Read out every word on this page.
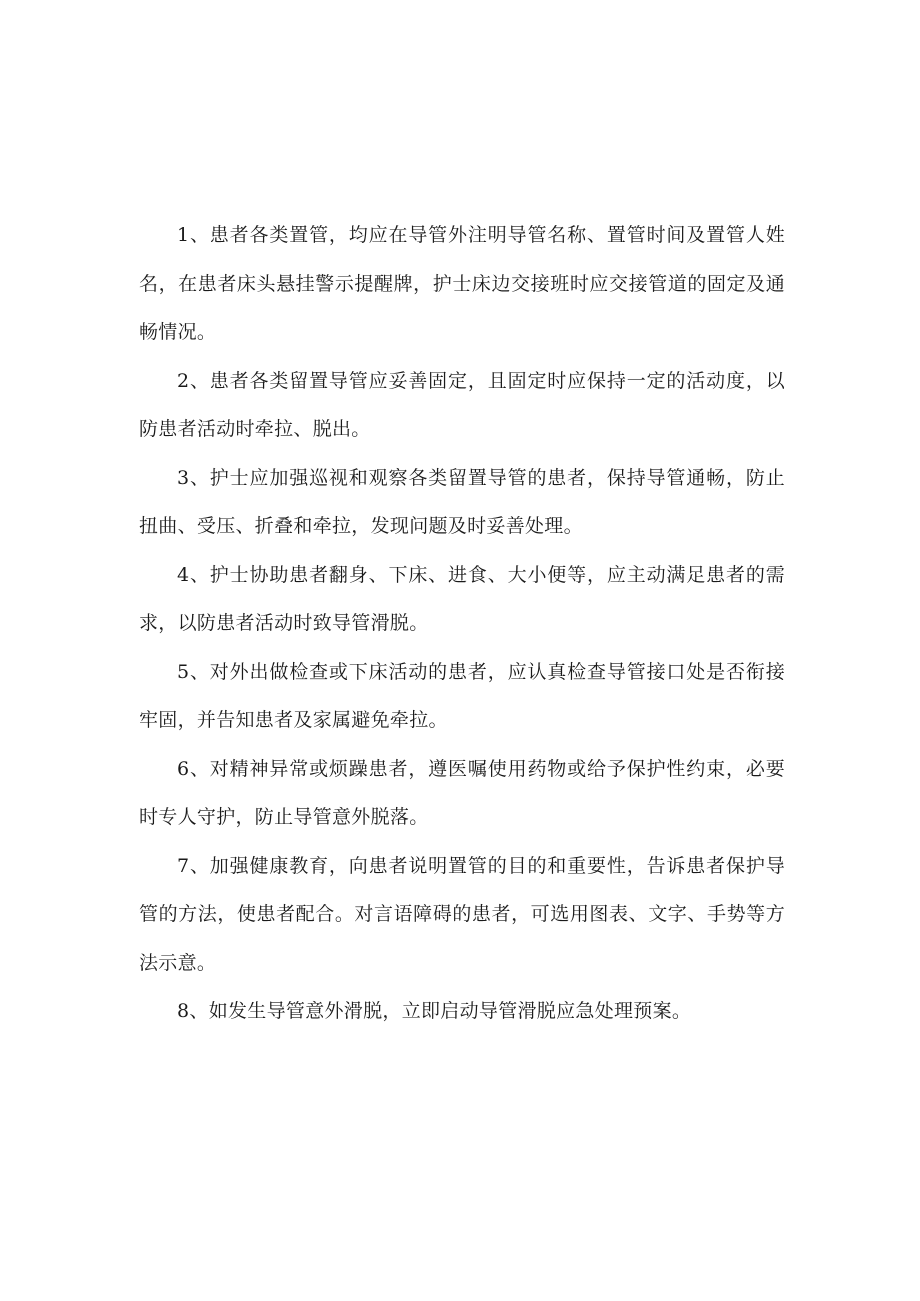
1、患者各类置管，均应在导管外注明导管名称、置管时间及置管人姓名，在患者床头悬挂警示提醒牌，护士床边交接班时应交接管道的固定及通畅情况。

2、患者各类留置导管应妥善固定，且固定时应保持一定的活动度，以防患者活动时牵拉、脱出。

3、护士应加强巡视和观察各类留置导管的患者，保持导管通畅，防止扭曲、受压、折叠和牵拉，发现问题及时妥善处理。

4、护士协助患者翻身、下床、进食、大小便等，应主动满足患者的需求，以防患者活动时致导管滑脱。

5、对外出做检查或下床活动的患者，应认真检查导管接口处是否衔接牢固，并告知患者及家属避免牵拉。

6、对精神异常或烦躁患者，遵医嘱使用药物或给予保护性约束，必要时专人守护，防止导管意外脱落。

7、加强健康教育，向患者说明置管的目的和重要性，告诉患者保护导管的方法，使患者配合。对言语障碍的患者，可选用图表、文字、手势等方法示意。

8、如发生导管意外滑脱，立即启动导管滑脱应急处理预案。
